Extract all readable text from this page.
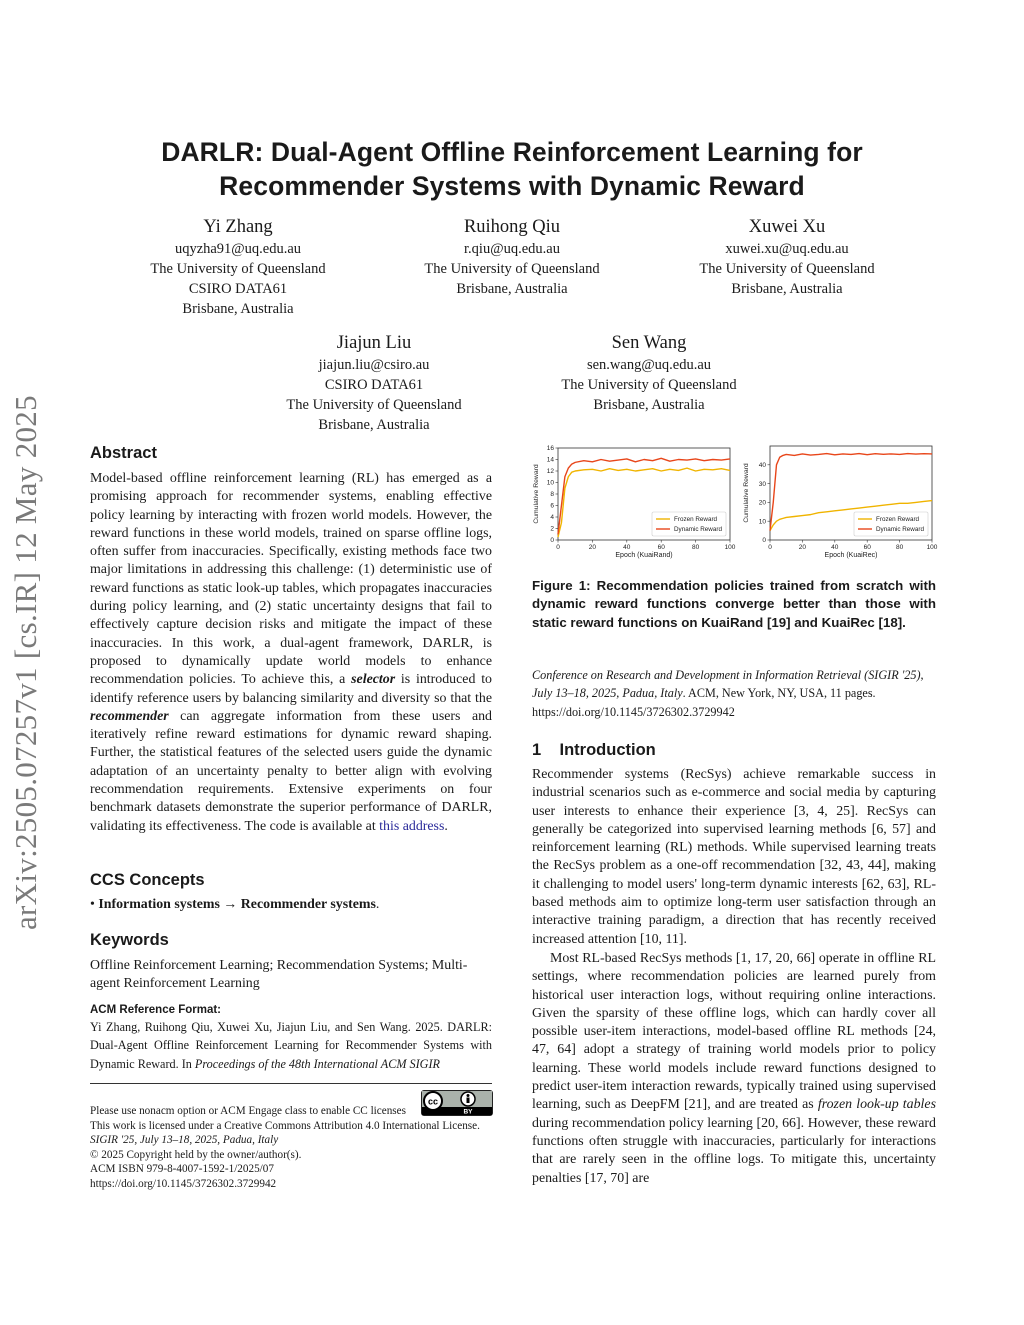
arXiv:2505.07257v1 [cs.IR] 12 May 2025
DARLR: Dual-Agent Offline Reinforcement Learning for
Recommender Systems with Dynamic Reward
Yi Zhang
uqyzha91@uq.edu.au
The University of Queensland
CSIRO DATA61
Brisbane, Australia
Ruihong Qiu
r.qiu@uq.edu.au
The University of Queensland
Brisbane, Australia
Xuwei Xu
xuwei.xu@uq.edu.au
The University of Queensland
Brisbane, Australia
Jiajun Liu
jiajun.liu@csiro.au
CSIRO DATA61
The University of Queensland
Brisbane, Australia
Sen Wang
sen.wang@uq.edu.au
The University of Queensland
Brisbane, Australia
Abstract
Model-based offline reinforcement learning (RL) has emerged as a promising approach for recommender systems, enabling effective policy learning by interacting with frozen world models. However, the reward functions in these world models, trained on sparse offline logs, often suffer from inaccuracies. Specifically, existing methods face two major limitations in addressing this challenge: (1) deterministic use of reward functions as static look-up tables, which propagates inaccuracies during policy learning, and (2) static uncertainty designs that fail to effectively capture decision risks and mitigate the impact of these inaccuracies. In this work, a dual-agent framework, DARLR, is proposed to dynamically update world models to enhance recommendation policies. To achieve this, a selector is introduced to identify reference users by balancing similarity and diversity so that the recommender can aggregate information from these users and iteratively refine reward estimations for dynamic reward shaping. Further, the statistical features of the selected users guide the dynamic adaptation of an uncertainty penalty to better align with evolving recommendation requirements. Extensive experiments on four benchmark datasets demonstrate the superior performance of DARLR, validating its effectiveness. The code is available at this address.
CCS Concepts
• Information systems → Recommender systems.
Keywords
Offline Reinforcement Learning; Recommendation Systems; Multi-agent Reinforcement Learning
ACM Reference Format:
Yi Zhang, Ruihong Qiu, Xuwei Xu, Jiajun Liu, and Sen Wang. 2025. DARLR: Dual-Agent Offline Reinforcement Learning for Recommender Systems with Dynamic Reward. In Proceedings of the 48th International ACM SIGIR
cc
BY
Please use nonacm option or ACM Engage class to enable CC licenses
This work is licensed under a Creative Commons Attribution 4.0 International License.
SIGIR '25, July 13–18, 2025, Padua, Italy
© 2025 Copyright held by the owner/author(s).
ACM ISBN 979-8-4007-1592-1/2025/07
https://doi.org/10.1145/3726302.3729942
0	20	40	60	80	100
0
2
4
6
8
10
12
14
16
Epoch (KuaiRand)
Cumulative Reward	Frozen Reward
Dynamic Reward
0	20	40	60	80	100
0
10
20
30
40
Epoch (KuaiRec)
Cumulative Reward	Frozen Reward
Dynamic Reward
Figure 1: Recommendation policies trained from scratch with dynamic reward functions converge better than those with static reward functions on KuaiRand [19] and KuaiRec [18].
Conference on Research and Development in Information Retrieval (SIGIR '25), July 13–18, 2025, Padua, Italy. ACM, New York, NY, USA, 11 pages. https://doi.org/10.1145/3726302.3729942
1    Introduction
Recommender systems (RecSys) achieve remarkable success in industrial scenarios such as e-commerce and social media by capturing user interests to enhance their experience [3, 4, 25]. RecSys can generally be categorized into supervised learning methods [6, 57] and reinforcement learning (RL) methods. While supervised learning treats the RecSys problem as a one-off recommendation [32, 43, 44], making it challenging to model users' long-term dynamic interests [62, 63], RL-based methods aim to optimize long-term user satisfaction through an interactive training paradigm, a direction that has recently received increased attention [10, 11].
Most RL-based RecSys methods [1, 17, 20, 66] operate in offline RL settings, where recommendation policies are learned purely from historical user interaction logs, without requiring online interactions. Given the sparsity of these offline logs, which can hardly cover all possible user-item interactions, model-based offline RL methods [24, 47, 64] adopt a strategy of training world models prior to policy learning. These world models include reward functions designed to predict user-item interaction rewards, typically trained using supervised learning, such as DeepFM [21], and are treated as frozen look-up tables during recommendation policy learning [20, 66]. However, these reward functions often struggle with inaccuracies, particularly for interactions that are rarely seen in the offline logs. To mitigate this, uncertainty penalties [17, 70] are
